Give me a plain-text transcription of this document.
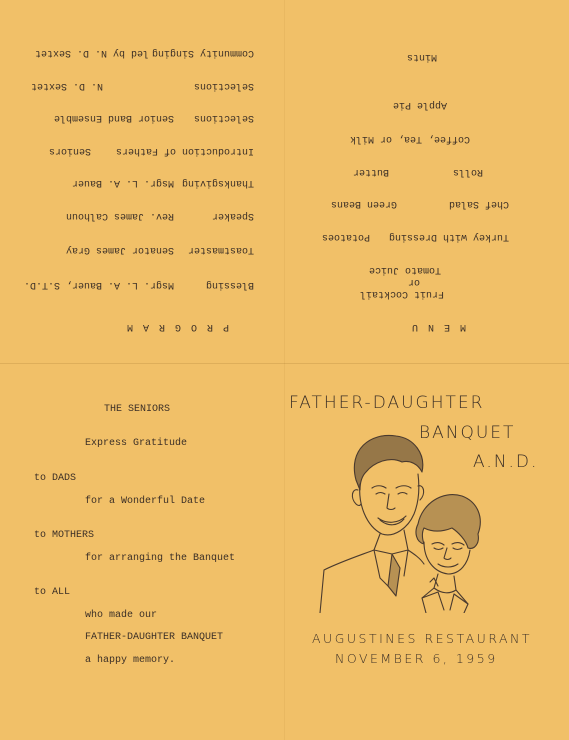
P R O G R A M
Blessing
Msgr. L. A. Bauer, S.T.D.
Toastmaster
Senator James Gray
Speaker
Rev. James Calhoun
Thanksgiving
Msgr. L. A. Bauer
Introduction of Fathers
Seniors
Selections
Senior Band Ensemble
Selections
N. D. Sextet
Community Singing
led by N. D. Sextet
M E N U
Fruit Cocktail
or
Tomato Juice
Turkey with Dressing
Potatoes
Chef Salad
Green Beans
Rolls
Butter
Coffee, Tea, or Milk
Apple Pie
Mints
THE SENIORS
Express Gratitude
to DADS
for a Wonderful Date
to MOTHERS
for arranging the Banquet
to ALL
who made our
FATHER-DAUGHTER BANQUET
a happy memory.
FATHER-DAUGHTER
BANQUET
A.N.D.
AUGUSTINES RESTAURANT
NOVEMBER 6, 1959
